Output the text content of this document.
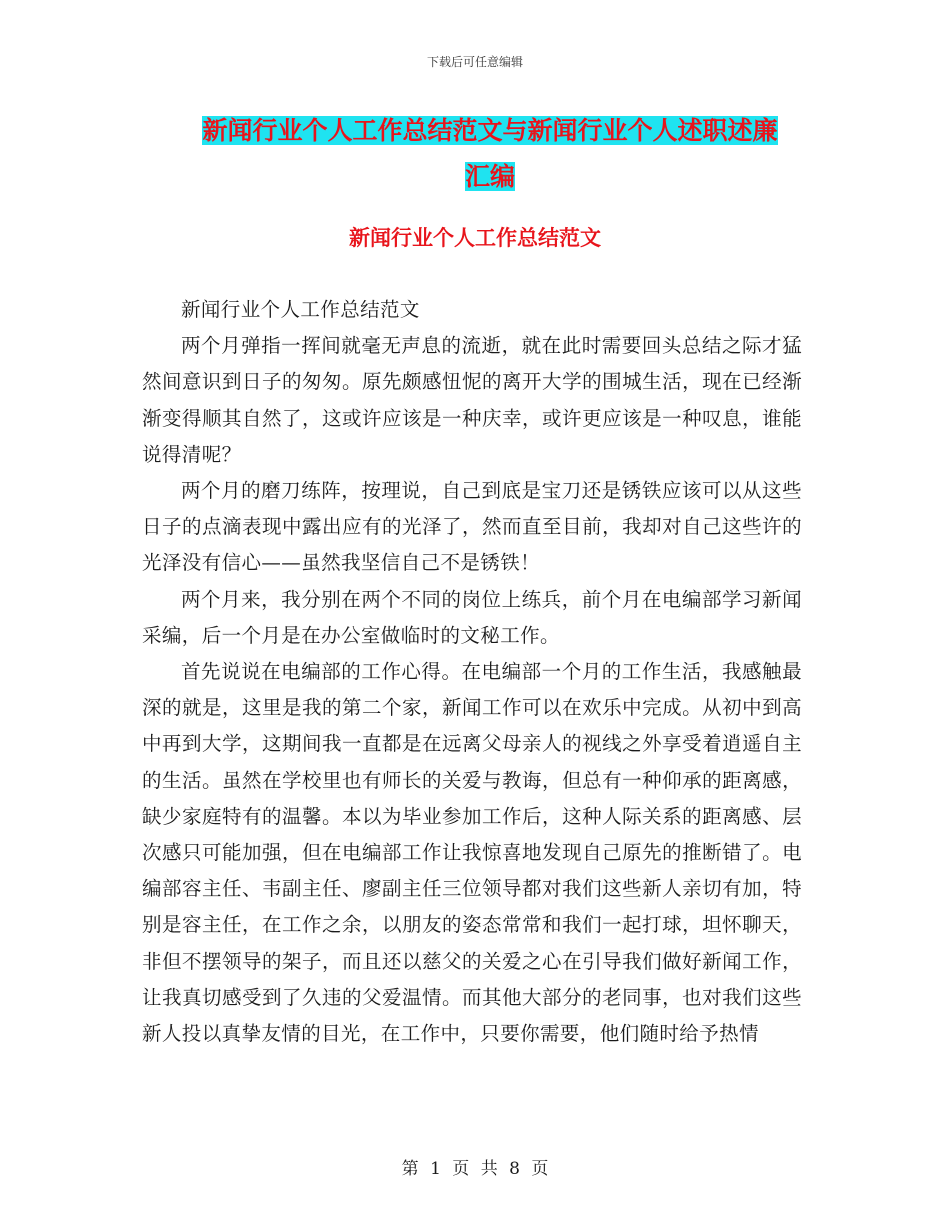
下载后可任意编辑
新闻行业个人工作总结范文与新闻行业个人述职述廉
汇编
新闻行业个人工作总结范文

新闻行业个人工作总结范文

两个月弹指一挥间就毫无声息的流逝，就在此时需要回头总结之际才猛然间意识到日子的匆匆。原先颇感忸怩的离开大学的围城生活，现在已经渐渐变得顺其自然了，这或许应该是一种庆幸，或许更应该是一种叹息，谁能说得清呢？

两个月的磨刀练阵，按理说，自己到底是宝刀还是锈铁应该可以从这些日子的点滴表现中露出应有的光泽了，然而直至目前，我却对自己这些许的光泽没有信心——虽然我坚信自己不是锈铁！

两个月来，我分别在两个不同的岗位上练兵，前个月在电编部学习新闻采编，后一个月是在办公室做临时的文秘工作。

首先说说在电编部的工作心得。在电编部一个月的工作生活，我感触最深的就是，这里是我的第二个家，新闻工作可以在欢乐中完成。从初中到高中再到大学，这期间我一直都是在远离父母亲人的视线之外享受着逍遥自主的生活。虽然在学校里也有师长的关爱与教诲，但总有一种仰承的距离感，缺少家庭特有的温馨。本以为毕业参加工作后，这种人际关系的距离感、层次感只可能加强，但在电编部工作让我惊喜地发现自己原先的推断错了。电编部容主任、韦副主任、廖副主任三位领导都对我们这些新人亲切有加，特别是容主任，在工作之余，以朋友的姿态常常和我们一起打球，坦怀聊天，非但不摆领导的架子，而且还以慈父的关爱之心在引导我们做好新闻工作，让我真切感受到了久违的父爱温情。而其他大部分的老同事，也对我们这些新人投以真挚友情的目光，在工作中，只要你需要，他们随时给予热情

第 1 页 共 8 页
